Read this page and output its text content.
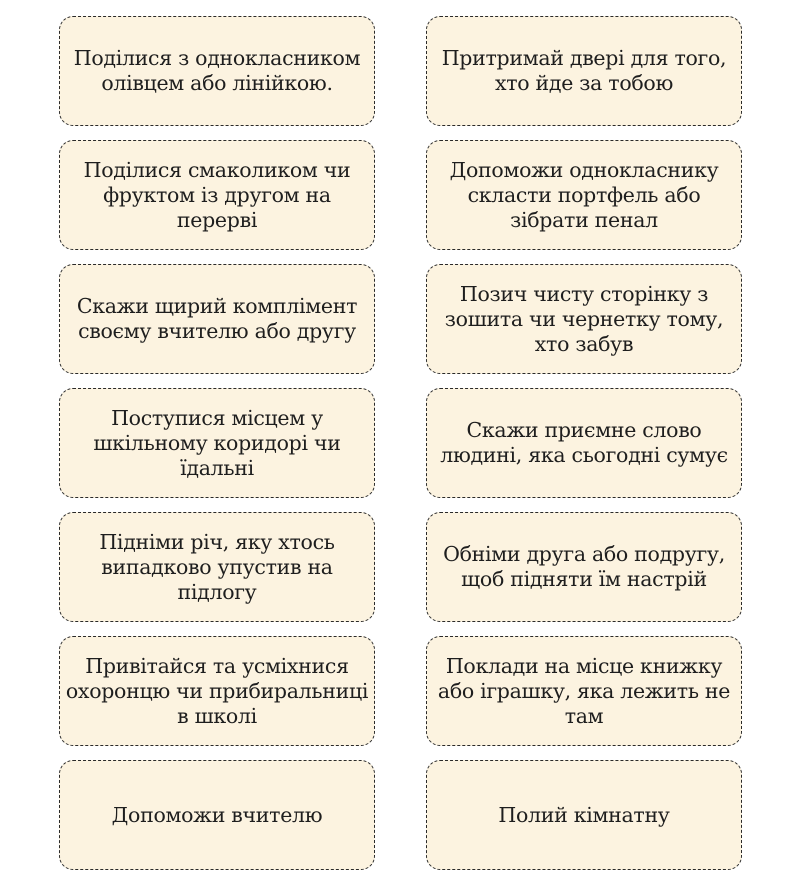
Поділися з однокласником олівцем або лінійкою.
Притримай двері для того, хто йде за тобою
Поділися смаколиком чи фруктом із другом на перерві
Допоможи однокласнику скласти портфель або зібрати пенал
Скажи щирий комплімент своєму вчителю або другу
Позич чисту сторінку з зошита чи чернетку тому, хто забув
Поступися місцем у шкільному коридорі чи їдальні
Скажи приємне слово людині, яка сьогодні сумує
Підніми річ, яку хтось випадково упустив на підлогу
Обніми друга або подругу, щоб підняти їм настрій
Привітайся та усміхнися охоронцю чи прибиральниці в школі
Поклади на місце книжку або іграшку, яка лежить не там
Допоможи вчителю	Полий кімнатну
